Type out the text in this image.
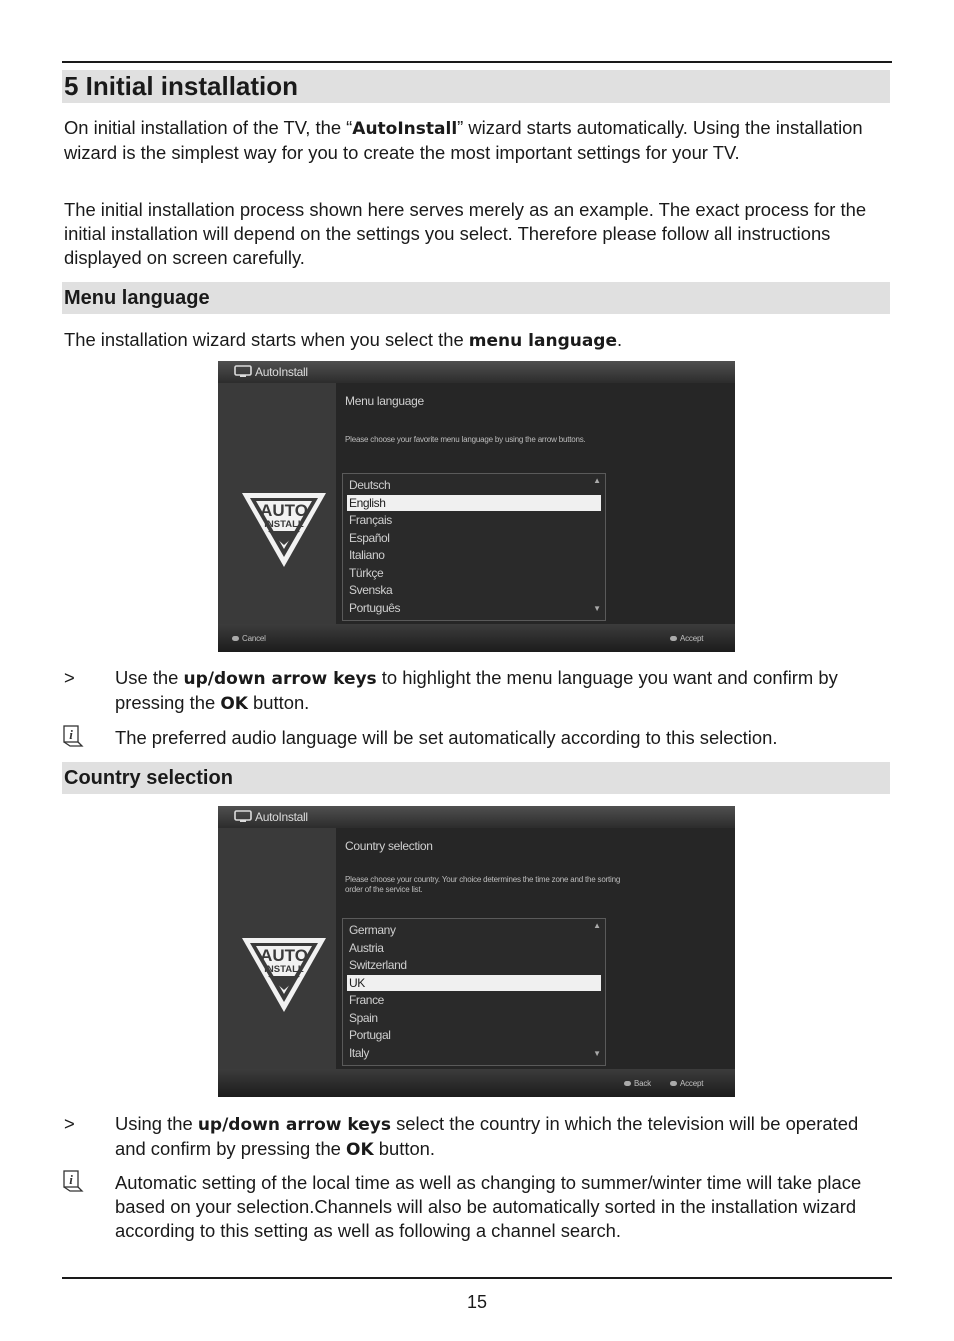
5 Initial installation

On initial installation of the TV, the “AutoInstall” wizard starts automatically. Using the installation wizard is the simplest way for you to create the most important settings for your TV.

The initial installation process shown here serves merely as an example. The exact process for the initial installation will depend on the settings you select. Therefore please follow all instructions displayed on screen carefully.

Menu language

The installation wizard starts when you select the menu language.

AutoInstall
AUTO
INSTALL
Menu language
Please choose your favorite menu language by using the arrow buttons.
▲
Deutsch
English
Français
Español
Italiano
Türkçe
Svenska
Português	▼
Cancel	Accept
> Use the up/down arrow keys to highlight the menu language you want and confirm by pressing the OK button.

i The preferred audio language will be set automatically according to this selection.

Country selection
AutoInstall
AUTO
INSTALL
Country selection
Please choose your country. Your choice determines the time zone and the sorting
order of the service list.
▲
Germany
Austria
Switzerland
UK
France
Spain
Portugal
Italy	▼
Back	Accept
> Using the up/down arrow keys select the country in which the television will be operated and confirm by pressing the OK button.

i Automatic setting of the local time as well as changing to summer/winter time will take place based on your selection.Channels will also be automatically sorted in the installation wizard according to this setting as well as following a channel search.

15
